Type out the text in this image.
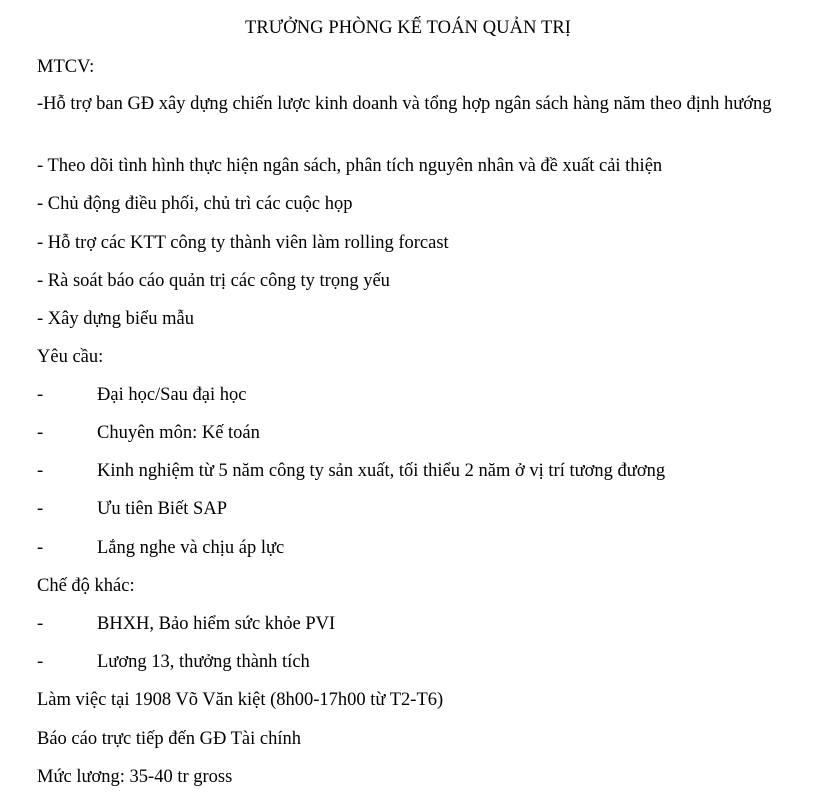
TRƯỞNG PHÒNG KẾ TOÁN QUẢN TRỊ
MTCV:
-Hỗ trợ ban GĐ xây dựng chiến lược kinh doanh và tổng hợp ngân sách hàng năm theo định hướng
- Theo dõi tình hình thực hiện ngân sách, phân tích nguyên nhân và đề xuất cải thiện
- Chủ động điều phối, chủ trì các cuộc họp
- Hỗ trợ các KTT công ty thành viên làm rolling forcast
- Rà soát báo cáo quản trị các công ty trọng yếu
- Xây dựng biểu mẫu
Yêu cầu:
-	Đại học/Sau đại học
-	Chuyên môn: Kế toán
-	Kinh nghiệm từ 5 năm công ty sản xuất, tối thiểu 2 năm ở vị trí tương đương
-	Ưu tiên Biết SAP
-	Lắng nghe và chịu áp lực
Chế độ khác:
-	BHXH, Bảo hiểm sức khỏe PVI
-	Lương 13, thưởng thành tích
Làm việc tại 1908 Võ Văn kiệt (8h00-17h00 từ T2-T6)
Báo cáo trực tiếp đến GĐ Tài chính
Mức lương: 35-40 tr gross
